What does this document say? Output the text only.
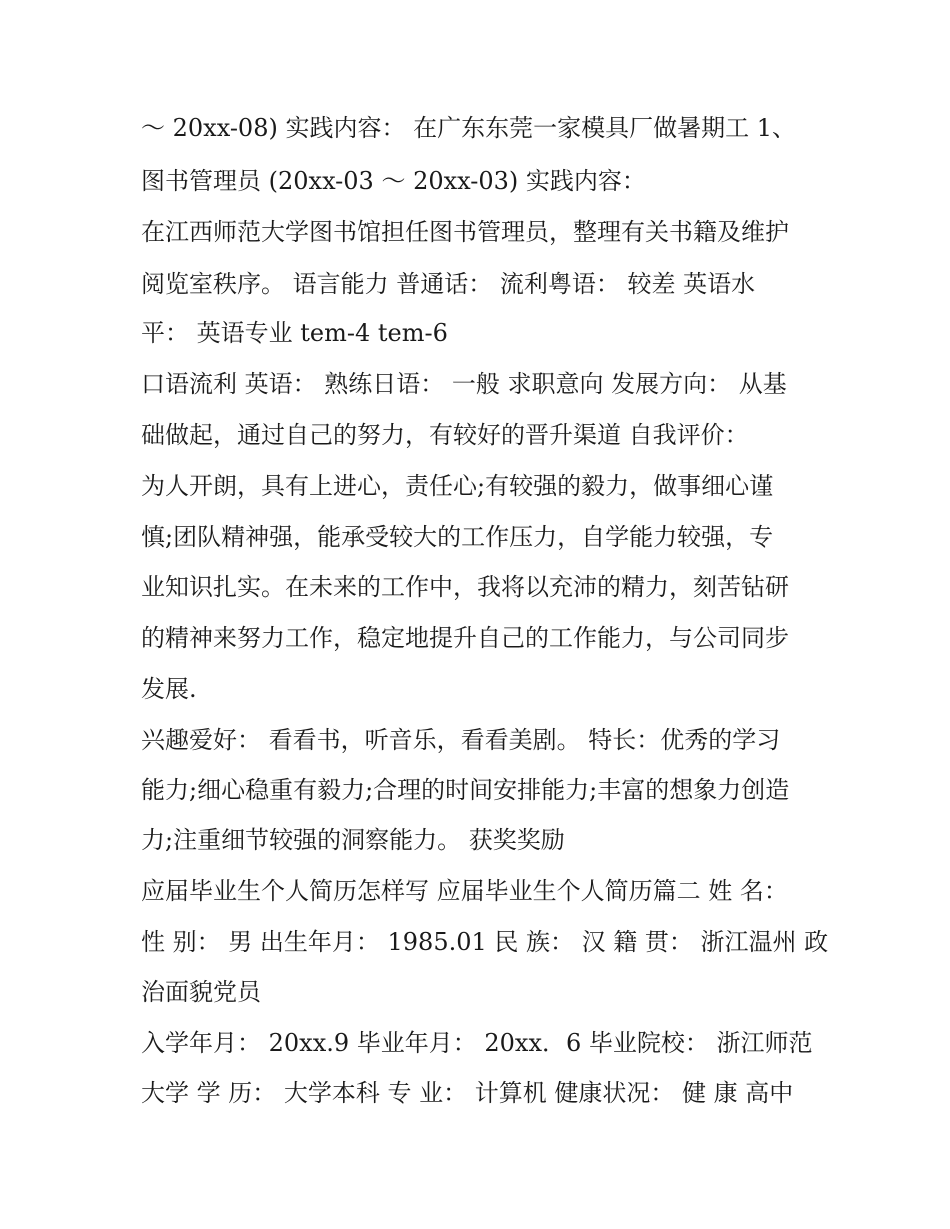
～ 20xx-08) 实践内容： 在广东东莞一家模具厂做暑期工 1、
图书管理员 (20xx-03 ～ 20xx-03) 实践内容：
在江西师范大学图书馆担任图书管理员，整理有关书籍及维护
阅览室秩序。 语言能力 普通话： 流利粤语： 较差 英语水
平： 英语专业 tem-4 tem-6
口语流利 英语： 熟练日语： 一般 求职意向 发展方向： 从基
础做起，通过自己的努力，有较好的晋升渠道 自我评价：
为人开朗，具有上进心，责任心;有较强的毅力，做事细心谨
慎;团队精神强，能承受较大的工作压力，自学能力较强，专
业知识扎实。在未来的工作中，我将以充沛的精力，刻苦钻研
的精神来努力工作，稳定地提升自己的工作能力，与公司同步
发展.
兴趣爱好： 看看书，听音乐，看看美剧。 特长：优秀的学习
能力;细心稳重有毅力;合理的时间安排能力;丰富的想象力创造
力;注重细节较强的洞察能力。 获奖奖励
应届毕业生个人简历怎样写 应届毕业生个人简历篇二 姓 名：
性 别： 男 出生年月： 1985.01 民 族： 汉 籍 贯： 浙江温州 政
治面貌党员
入学年月： 20xx.9 毕业年月： 20xx．6 毕业院校： 浙江师范
大学 学 历： 大学本科 专 业： 计算机 健康状况： 健 康 高中
